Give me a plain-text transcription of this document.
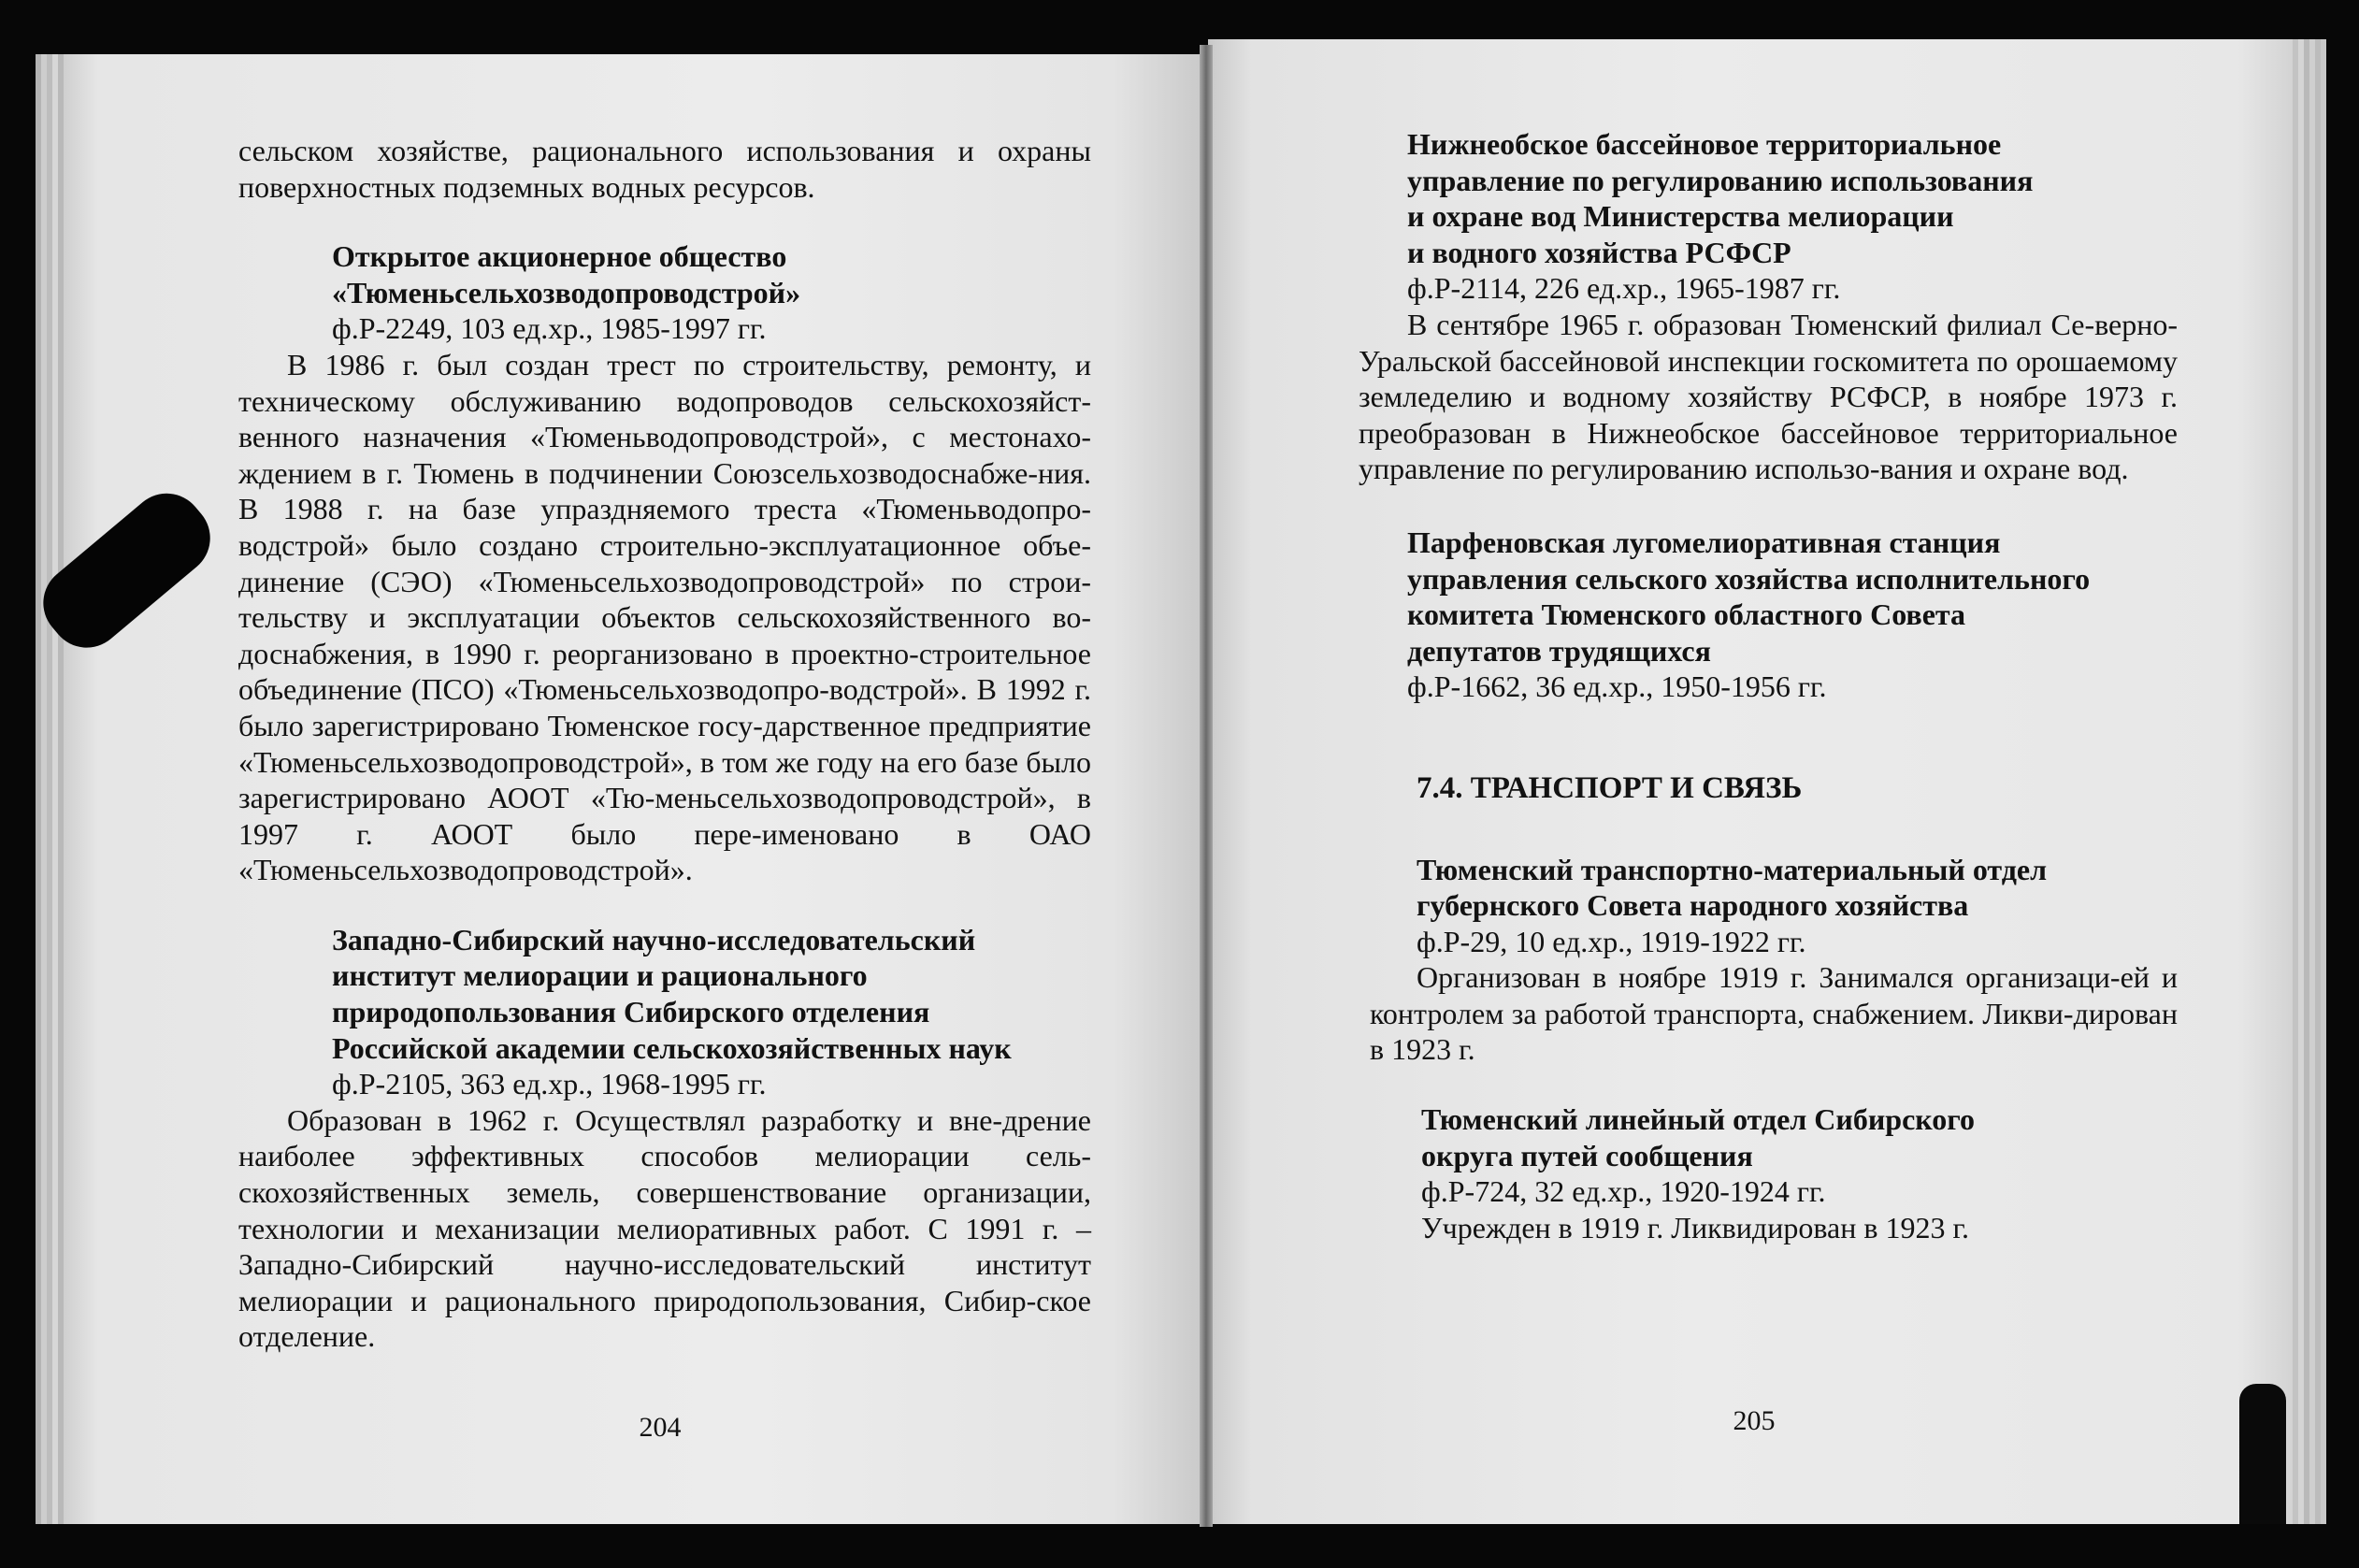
сельском хозяйстве, рационального использования и охраны поверхностных подземных водных ресурсов.

Открытое акционерное общество

«Тюменьсельхозводопроводстрой»

ф.Р-2249, 103 ед.хр., 1985-1997 гг.

В 1986 г. был создан трест по строительству, ремонту, и техническому обслуживанию водопроводов сельскохозяйст-венного назначения «Тюменьводопроводстрой», с местонахо-ждением в г. Тюмень в подчинении Союзсельхозводоснабже-ния. В 1988 г. на базе упраздняемого треста «Тюменьводопро-водстрой» было создано строительно-эксплуатационное объе-динение (СЭО) «Тюменьсельхозводопроводстрой» по строи-тельству и эксплуатации объектов сельскохозяйственного во-доснабжения, в 1990 г. реорганизовано в проектно-строительное объединение (ПСО) «Тюменьсельхозводопро-водстрой». В 1992 г. было зарегистрировано Тюменское госу-дарственное предприятие «Тюменьсельхозводопроводстрой», в том же году на его базе было зарегистрировано АООТ «Тю-меньсельхозводопроводстрой», в 1997 г. АООТ было пере-именовано в ОАО «Тюменьсельхозводопроводстрой».

Западно-Сибирский научно-исследовательский

институт мелиорации и рационального

природопользования Сибирского отделения

Российской академии сельскохозяйственных наук

ф.Р-2105, 363 ед.хр., 1968-1995 гг.

Образован в 1962 г. Осуществлял разработку и вне-дрение наиболее эффективных способов мелиорации сель-скохозяйственных земель, совершенствование организации, технологии и механизации мелиоративных работ. С 1991 г. – Западно-Сибирский научно-исследовательский институт мелиорации и рационального природопользования, Сибир-ское отделение.

204

Нижнеобское бассейновое территориальное

управление по регулированию использования

и охране вод Министерства мелиорации

и водного хозяйства РСФСР

ф.Р-2114, 226 ед.хр., 1965-1987 гг.

В сентябре 1965 г. образован Тюменский филиал Се-верно-Уральской бассейновой инспекции госкомитета по орошаемому земледелию и водному хозяйству РСФСР, в ноябре 1973 г. преобразован в Нижнеобское бассейновое территориальное управление по регулированию использо-вания и охране вод.

Парфеновская лугомелиоративная станция

управления сельского хозяйства исполнительного

комитета Тюменского областного Совета

депутатов трудящихся

ф.Р-1662, 36 ед.хр., 1950-1956 гг.

7.4. ТРАНСПОРТ И СВЯЗЬ

Тюменский транспортно-материальный отдел

губернского Совета народного хозяйства

ф.Р-29, 10 ед.хр., 1919-1922 гг.

Организован в ноябре 1919 г. Занимался организаци-ей и контролем за работой транспорта, снабжением. Ликви-дирован в 1923 г.

Тюменский линейный отдел Сибирского

округа путей сообщения

ф.Р-724, 32 ед.хр., 1920-1924 гг.

Учрежден в 1919 г. Ликвидирован в 1923 г.

205
